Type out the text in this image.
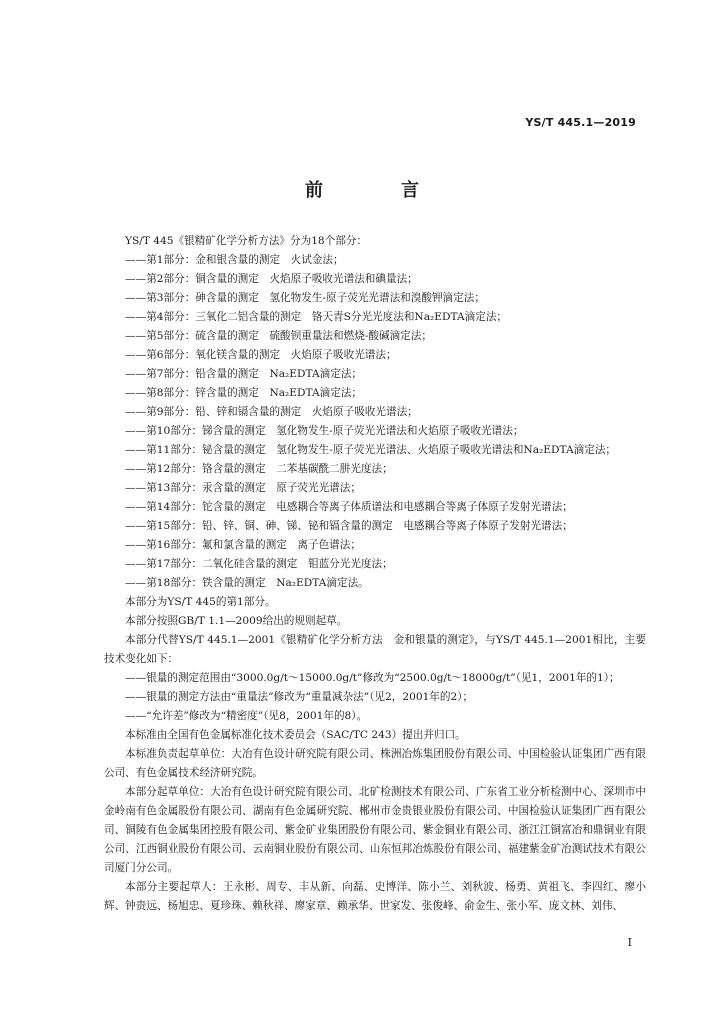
YS/T 445.1—2019
前　言

YS/T 445《银精矿化学分析方法》分为18个部分：

——第1部分：金和银含量的测定　火试金法；

——第2部分：铜含量的测定　火焰原子吸收光谱法和碘量法；

——第3部分：砷含量的测定　氢化物发生-原子荧光光谱法和溴酸钾滴定法；

——第4部分：三氧化二铝含量的测定　铬天青S分光光度法和Na₂EDTA滴定法；

——第5部分：硫含量的测定　硫酸钡重量法和燃烧-酸碱滴定法；

——第6部分：氧化镁含量的测定　火焰原子吸收光谱法；

——第7部分：铅含量的测定　Na₂EDTA滴定法；

——第8部分：锌含量的测定　Na₂EDTA滴定法；

——第9部分：铅、锌和镉含量的测定　火焰原子吸收光谱法；

——第10部分：锑含量的测定　氢化物发生-原子荧光光谱法和火焰原子吸收光谱法；

——第11部分：铋含量的测定　氢化物发生-原子荧光光谱法、火焰原子吸收光谱法和Na₂EDTA滴定法；

——第12部分：铬含量的测定　二苯基碳酰二肼光度法；

——第13部分：汞含量的测定　原子荧光光谱法；

——第14部分：铊含量的测定　电感耦合等离子体质谱法和电感耦合等离子体原子发射光谱法；

——第15部分：铅、锌、铜、砷、锑、铋和镉含量的测定　电感耦合等离子体原子发射光谱法；

——第16部分：氟和氯含量的测定　离子色谱法；

——第17部分：二氧化硅含量的测定　钼蓝分光光度法；

——第18部分：铁含量的测定　Na₂EDTA滴定法。

本部分为YS/T 445的第1部分。

本部分按照GB/T 1.1—2009给出的规则起草。

本部分代替YS/T 445.1—2001《银精矿化学分析方法　金和银量的测定》，与YS/T 445.1—2001相比，主要技术变化如下：

——银量的测定范围由“3000.0g/t～15000.0g/t”修改为“2500.0g/t～18000g/t”（见1，2001年的1）；

——银量的测定方法由“重量法”修改为“重量减杂法”（见2，2001年的2）；

——“允许差”修改为“精密度”（见8，2001年的8）。

本标准由全国有色金属标准化技术委员会（SAC/TC 243）提出并归口。

本标准负责起草单位：大冶有色设计研究院有限公司、株洲冶炼集团股份有限公司、中国检验认证集团广西有限公司、有色金属技术经济研究院。

本部分起草单位：大冶有色设计研究院有限公司、北矿检测技术有限公司、广东省工业分析检测中心、深圳市中金岭南有色金属股份有限公司、湖南有色金属研究院、郴州市金贵银业股份有限公司、中国检验认证集团广西有限公司、铜陵有色金属集团控股有限公司、紫金矿业集团股份有限公司、紫金铜业有限公司、浙江江铜富冶和鼎铜业有限公司、江西铜业股份有限公司、云南铜业股份有限公司、山东恒邦冶炼股份有限公司、福建紫金矿冶测试技术有限公司厦门分公司。

本部分主要起草人：王永彬、周专、丰从新、向磊、史博洋、陈小兰、刘秋波、杨勇、黄祖飞、李四红、廖小辉、钟贵远、杨旭忠、夏珍珠、赖秋祥、廖家章、赖承华、世家发、张俊峰、俞金生、张小军、庞文林、刘伟、

I
